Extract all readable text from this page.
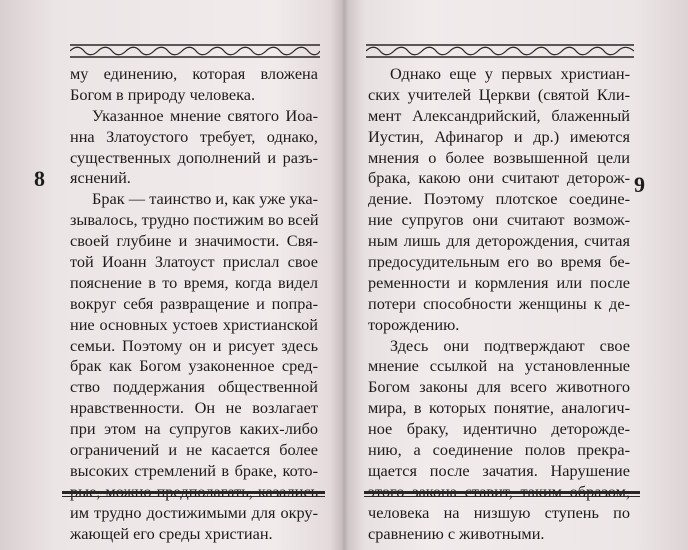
му единению, которая вложена
Богом в природу человека.
Указанное мнение святого Иоа-
нна Златоустого требует, однако,
существенных дополнений и разъ-
яснений.
Брак — таинство и, как уже ука-
зывалось, трудно постижим во всей
своей глубине и значимости. Свя-
той Иоанн Златоуст прислал свое
пояснение в то время, когда видел
вокруг себя развращение и попра-
ние основных устоев христианской
семьи. Поэтому он и рисует здесь
брак как Богом узаконенное сред-
ство поддержания общественной
нравственности. Он не возлагает
при этом на супругов каких-либо
ограничений и не касается более
высоких стремлений в браке, кото-
им трудно достижимыми для окру-
жающей его среды христиан.
8
Однако еще у первых христиан-
ских учителей Церкви (святой Кли-
мент Александрийский, блаженный
Иустин, Афинагор и др.) имеются
мнения о более возвышенной цели
брака, какою они считают деторож-
дение. Поэтому плотское соедине-
ние супругов они считают возмож-
ным лишь для деторождения, считая
предосудительным его во время бе-
ременности и кормления или после
потери способности женщины к де-
торождению.
Здесь они подтверждают свое
мнение ссылкой на установленные
Богом законы для всего животного
мира, в которых понятие, аналогич-
ное браку, идентично деторожде-
нию, а соединение полов прекра-
щается после зачатия. Нарушение
человека на низшую ступень по
сравнению с животными.
9
